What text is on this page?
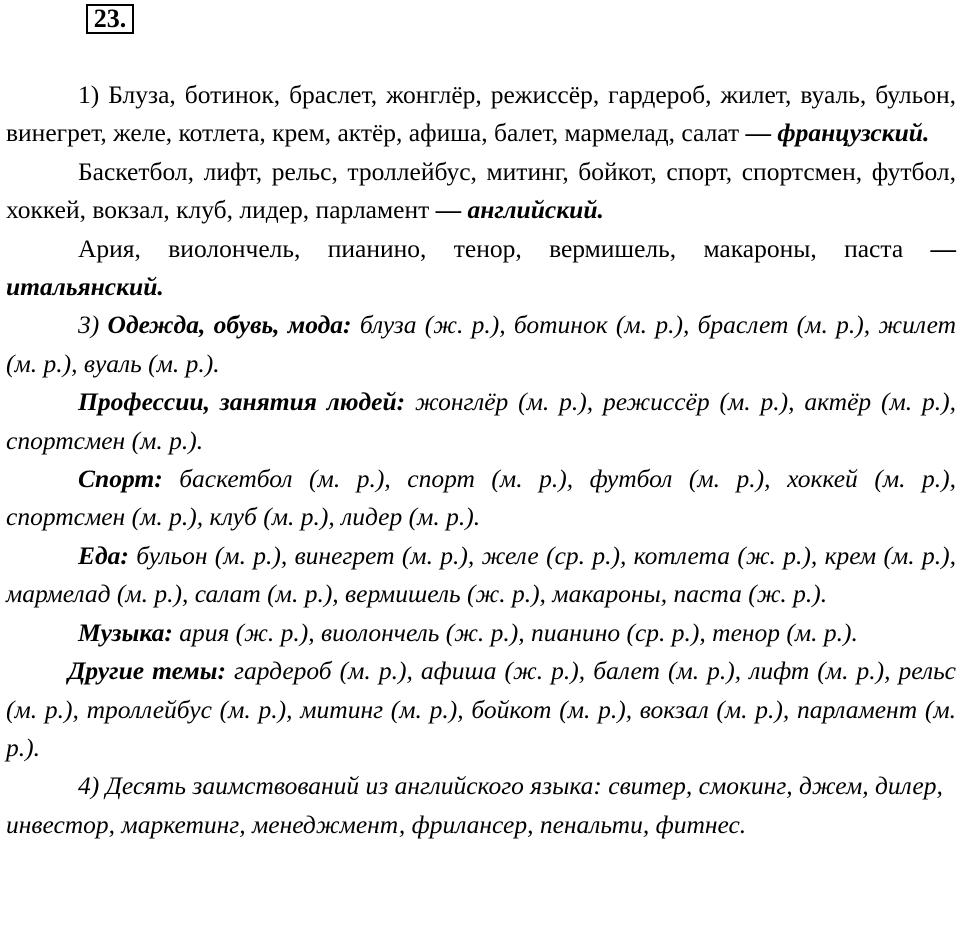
23.

1) Блуза, ботинок, браслет, жонглёр, режиссёр, гардероб, жилет, вуаль, бульон, винегрет, желе, котлета, крем, актёр, афиша, балет, мармелад, салат — французский.

Баскетбол, лифт, рельс, троллейбус, митинг, бойкот, спорт, спортсмен, футбол, хоккей, вокзал, клуб, лидер, парламент — английский.

Ария, виолончель, пианино, тенор, вермишель, макароны, паста — итальянский.

3) Одежда, обувь, мода: блуза (ж. р.), ботинок (м. р.), браслет (м. р.), жилет (м. р.), вуаль (м. р.).

Профессии, занятия людей: жонглёр (м. р.), режиссёр (м. р.), актёр (м. р.), спортсмен (м. р.).

Спорт: баскетбол (м. р.), спорт (м. р.), футбол (м. р.), хоккей (м. р.), спортсмен (м. р.), клуб (м. р.), лидер (м. р.).

Еда: бульон (м. р.), винегрет (м. р.), желе (ср. р.), котлета (ж. р.), крем (м. р.), мармелад (м. р.), салат (м. р.), вермишель (ж. р.), макароны, паста (ж. р.).

Музыка: ария (ж. р.), виолончель (ж. р.), пианино (ср. р.), тенор (м. р.).

Другие темы: гардероб (м. р.), афиша (ж. р.), балет (м. р.), лифт (м. р.), рельс (м. р.), троллейбус (м. р.), митинг (м. р.), бойкот (м. р.), вокзал (м. р.), парламент (м. р.).

4) Десять заимствований из английского языка: свитер, смокинг, джем, дилер, инвестор, маркетинг, менеджмент, фрилансер, пенальти, фитнес.
